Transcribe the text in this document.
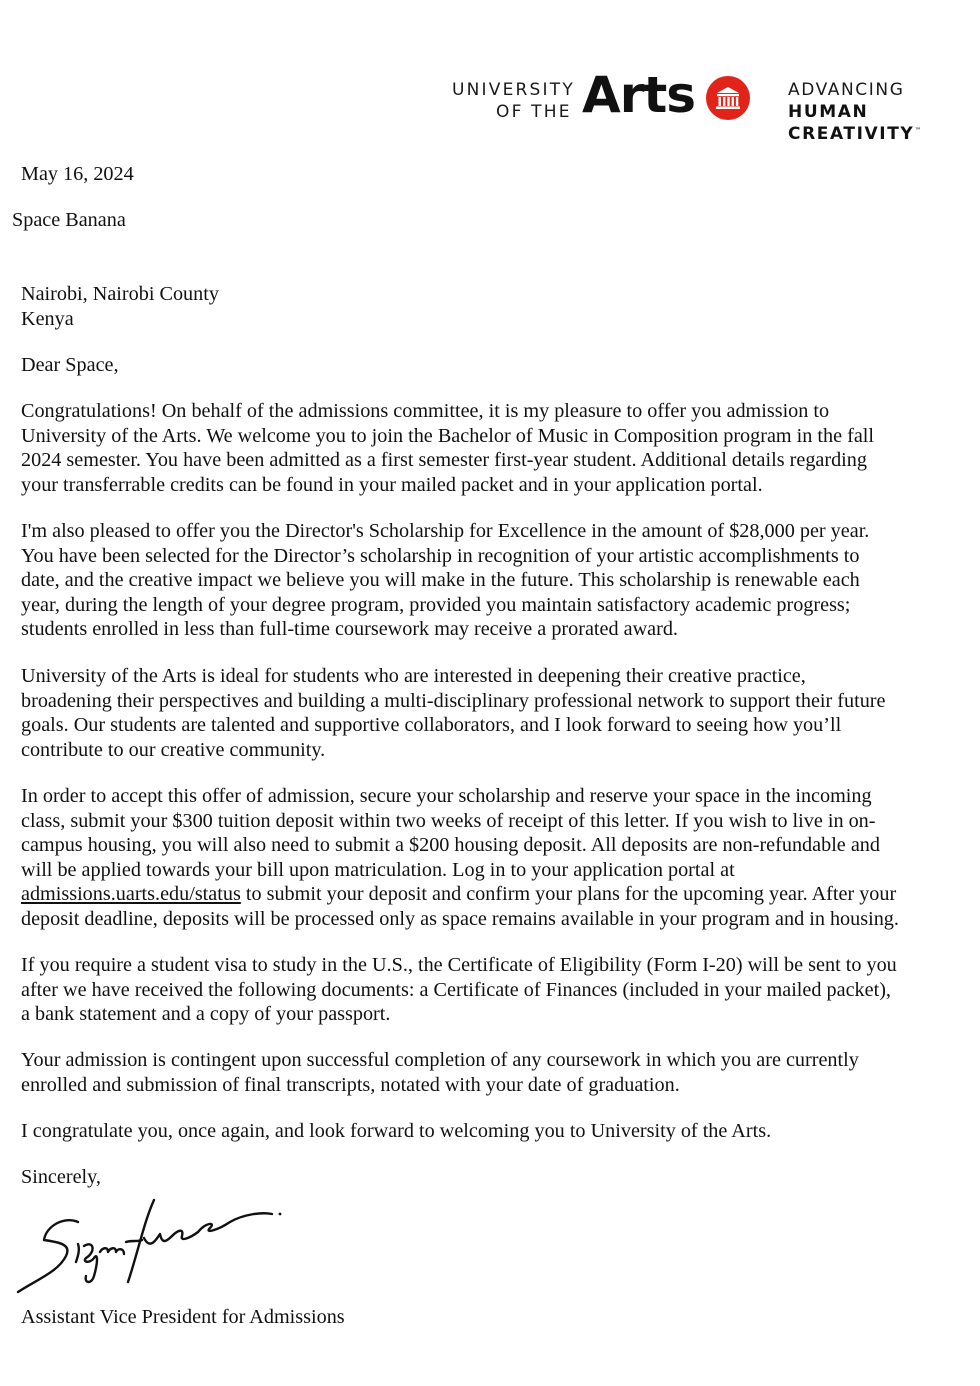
UNIVERSITY
OF THE Arts	ADVANCING
HUMAN
CREATIVITY™
May 16, 2024
Space Banana
Nairobi, Nairobi County
Kenya
Dear Space,
Congratulations! On behalf of the admissions committee, it is my pleasure to offer you admission to
University of the Arts. We welcome you to join the Bachelor of Music in Composition program in the fall
2024 semester. You have been admitted as a first semester first-year student. Additional details regarding
your transferrable credits can be found in your mailed packet and in your application portal.
I'm also pleased to offer you the Director's Scholarship for Excellence in the amount of $28,000 per year.
You have been selected for the Director’s scholarship in recognition of your artistic accomplishments to
date, and the creative impact we believe you will make in the future. This scholarship is renewable each
year, during the length of your degree program, provided you maintain satisfactory academic progress;
students enrolled in less than full-time coursework may receive a prorated award.
University of the Arts is ideal for students who are interested in deepening their creative practice,
broadening their perspectives and building a multi-disciplinary professional network to support their future
goals. Our students are talented and supportive collaborators, and I look forward to seeing how you’ll
contribute to our creative community.
In order to accept this offer of admission, secure your scholarship and reserve your space in the incoming
class, submit your $300 tuition deposit within two weeks of receipt of this letter. If you wish to live in on-
campus housing, you will also need to submit a $200 housing deposit. All deposits are non-refundable and
will be applied towards your bill upon matriculation. Log in to your application portal at
admissions.uarts.edu/status to submit your deposit and confirm your plans for the upcoming year. After your
deposit deadline, deposits will be processed only as space remains available in your program and in housing.
If you require a student visa to study in the U.S., the Certificate of Eligibility (Form I-20) will be sent to you
after we have received the following documents: a Certificate of Finances (included in your mailed packet),
a bank statement and a copy of your passport.
Your admission is contingent upon successful completion of any coursework in which you are currently
enrolled and submission of final transcripts, notated with your date of graduation.
I congratulate you, once again, and look forward to welcoming you to University of the Arts.
Sincerely,
Assistant Vice President for Admissions
